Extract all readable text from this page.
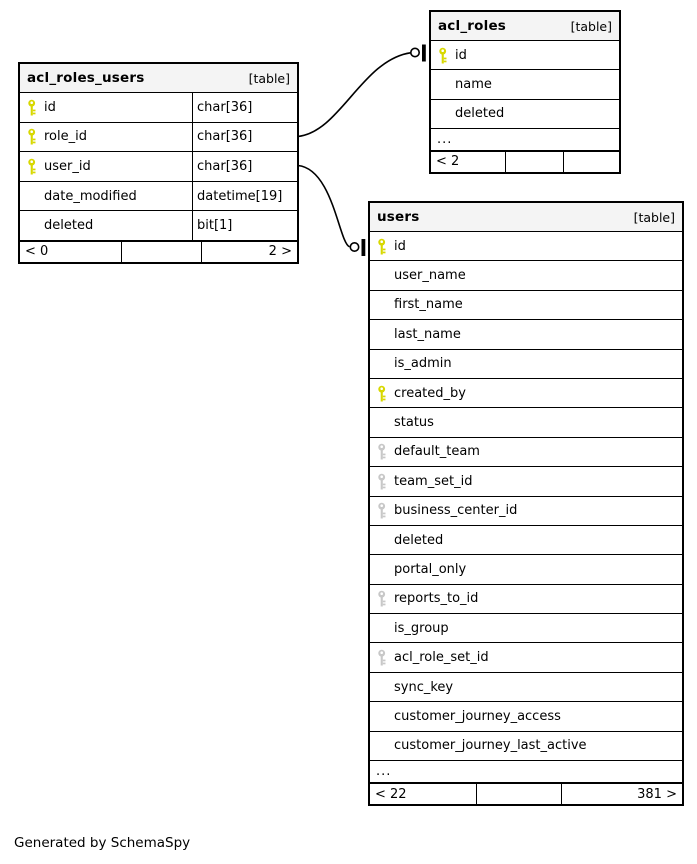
acl_roles_users	[table]
id	char[36]
role_id	char[36]
user_id	char[36]
date_modified	datetime[19]
deleted	bit[1]
< 0	2 >
acl_roles	[table]
id
name
deleted
...
< 2
users	[table]
id
user_name
first_name
last_name
is_admin
created_by
status
default_team
team_set_id
business_center_id
deleted
portal_only
reports_to_id
is_group
acl_role_set_id
sync_key
customer_journey_access
customer_journey_last_active
...
< 22	381 >
Generated by SchemaSpy
